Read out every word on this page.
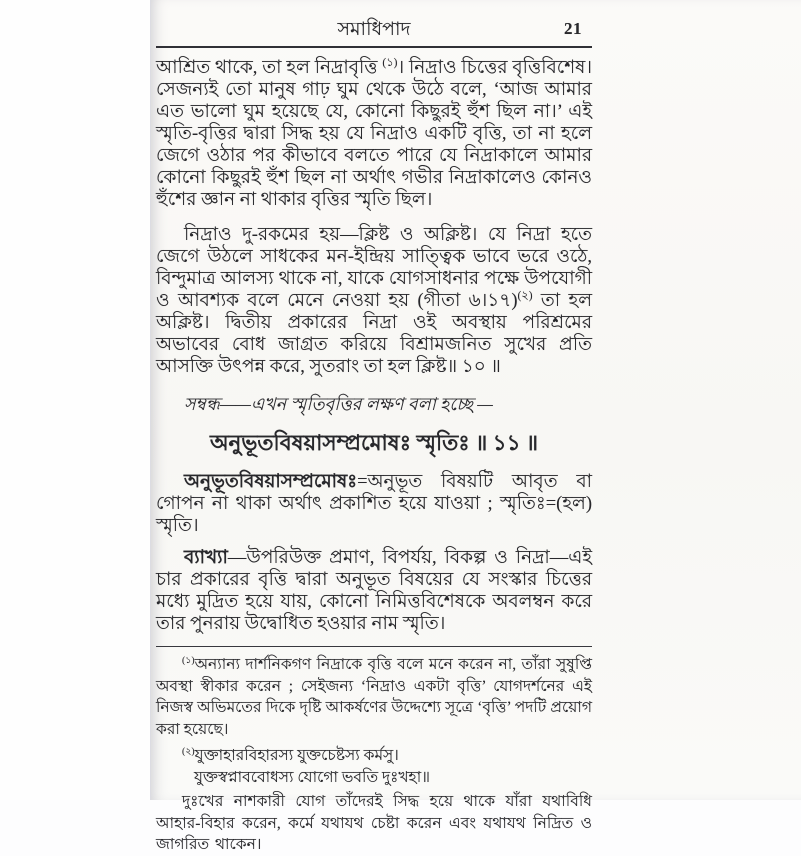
সমাধিপাদ	21

আশ্রিত থাকে, তা হল নিদ্রাবৃত্তি $^{(১)}$। নিদ্রাও চিত্তের বৃত্তিবিশেষ। সেজন্যই তো মানুষ গাঢ় ঘুম থেকে উঠে বলে, ‘আজ আমার এত ভালো ঘুম হয়েছে যে, কোনো কিছুরই হুঁশ ছিল না।’ এই স্মৃতি-বৃত্তির দ্বারা সিদ্ধ হয় যে নিদ্রাও একটি বৃত্তি, তা না হলে জেগে ওঠার পর কীভাবে বলতে পারে যে নিদ্রাকালে আমার কোনো কিছুরই হুঁশ ছিল না অর্থাৎ গভীর নিদ্রাকালেও কোনও হুঁশের জ্ঞান না থাকার বৃত্তির স্মৃতি ছিল।

নিদ্রাও দু-রকমের হয়—ক্লিষ্ট ও অক্লিষ্ট। যে নিদ্রা হতে জেগে উঠলে সাধকের মন-ইন্দ্রিয় সাত্ত্বিক ভাবে ভরে ওঠে, বিন্দুমাত্র আলস্য থাকে না, যাকে যোগসাধনার পক্ষে উপযোগী ও আবশ্যক বলে মেনে নেওয়া হয় (গীতা ৬।১৭)$^{(২)}$ তা হল অক্লিষ্ট। দ্বিতীয় প্রকারের নিদ্রা ওই অবস্থায় পরিশ্রমের অভাবের বোধ জাগ্রত করিয়ে বিশ্রামজনিত সুখের প্রতি আসক্তি উৎপন্ন করে, সুতরাং তা হল ক্লিষ্ট॥ ১০ ॥

সম্বন্ধ——এখন স্মৃতিবৃত্তির লক্ষণ বলা হচ্ছে —

অনুভূতবিষয়াসম্প্রমোষঃ স্মৃতিঃ ॥ ১১ ॥

অনুভূতবিষয়াসম্প্রমোষঃ=অনুভূত বিষয়টি আবৃত বা গোপন না থাকা অর্থাৎ প্রকাশিত হয়ে যাওয়া ; স্মৃতিঃ=(হল) স্মৃতি।

ব্যাখ্যা—উপরিউক্ত প্রমাণ, বিপর্যয়, বিকল্প ও নিদ্রা—এই চার প্রকারের বৃত্তি দ্বারা অনুভূত বিষয়ের যে সংস্কার চিত্তের মধ্যে মুদ্রিত হয়ে যায়, কোনো নিমিত্তবিশেষকে অবলম্বন করে তার পুনরায় উদ্বোধিত হওয়ার নাম স্মৃতি।

$^{(১)}$অন্যান্য দার্শনিকগণ নিদ্রাকে বৃত্তি বলে মনে করেন না, তাঁরা সুষুপ্তি অবস্থা স্বীকার করেন ; সেইজন্য ‘নিদ্রাও একটা বৃত্তি’ যোগদর্শনের এই নিজস্ব অভিমতের দিকে দৃষ্টি আকর্ষণের উদ্দেশ্যে সূত্রে ‘বৃত্তি’ পদটি প্রয়োগ করা হয়েছে।

$^{(২)}$যুক্তাহারবিহারস্য যুক্তচেষ্টস্য কর্মসু।

যুক্তস্বপ্নাববোধস্য যোগো ভবতি দুঃখহা॥

দুঃখের নাশকারী যোগ তাঁদেরই সিদ্ধ হয়ে থাকে যাঁরা যথাবিধি আহার-বিহার করেন, কর্মে যথাযথ চেষ্টা করেন এবং যথাযথ নিদ্রিত ও জাগরিত থাকেন।
